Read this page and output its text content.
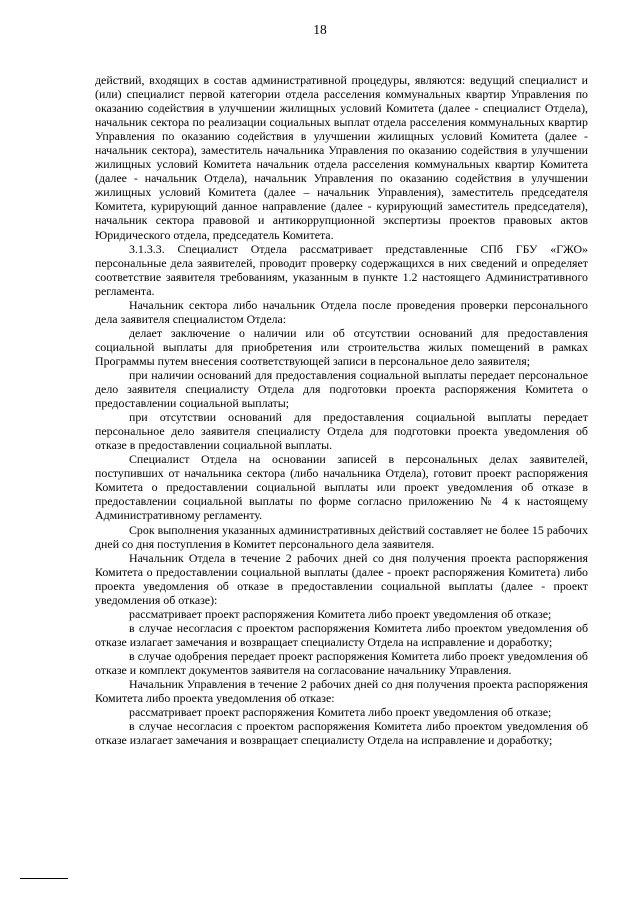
18

действий, входящих в состав административной процедуры, являются: ведущий специалист и (или) специалист первой категории отдела расселения коммунальных квартир Управления по оказанию содействия в улучшении жилищных условий Комитета (далее - специалист Отдела), начальник сектора по реализации социальных выплат отдела расселения коммунальных квартир Управления по оказанию содействия в улучшении жилищных условий Комитета (далее - начальник сектора), заместитель начальника Управления по оказанию содействия в улучшении жилищных условий Комитета начальник отдела расселения коммунальных квартир Комитета (далее - начальник Отдела), начальник Управления по оказанию содействия в улучшении жилищных условий Комитета (далее – начальник Управления), заместитель председателя Комитета, курирующий данное направление (далее - курирующий заместитель председателя), начальник сектора правовой и антикоррупционной экспертизы проектов правовых актов Юридического отдела, председатель Комитета.

3.1.3.3. Специалист Отдела рассматривает представленные СПб ГБУ «ГЖО» персональные дела заявителей, проводит проверку содержащихся в них сведений и определяет соответствие заявителя требованиям, указанным в пункте 1.2 настоящего Административного регламента.

Начальник сектора либо начальник Отдела после проведения проверки персонального дела заявителя специалистом Отдела:

делает заключение о наличии или об отсутствии оснований для предоставления социальной выплаты для приобретения или строительства жилых помещений в рамках Программы путем внесения соответствующей записи в персональное дело заявителя;

при наличии оснований для предоставления социальной выплаты передает персональное дело заявителя специалисту Отдела для подготовки проекта распоряжения Комитета о предоставлении социальной выплаты;

при отсутствии оснований для предоставления социальной выплаты передает персональное дело заявителя специалисту Отдела для подготовки проекта уведомления об отказе в предоставлении социальной выплаты.

Специалист Отдела на основании записей в персональных делах заявителей, поступивших от начальника сектора (либо начальника Отдела), готовит проект распоряжения Комитета о предоставлении социальной выплаты или проект уведомления об отказе в предоставлении социальной выплаты по форме согласно приложению № 4 к настоящему Административному регламенту.

Срок выполнения указанных административных действий составляет не более 15 рабочих дней со дня поступления в Комитет персонального дела заявителя.

Начальник Отдела в течение 2 рабочих дней со дня получения проекта распоряжения Комитета о предоставлении социальной выплаты (далее - проект распоряжения Комитета) либо проекта уведомления об отказе в предоставлении социальной выплаты (далее - проект уведомления об отказе):

рассматривает проект распоряжения Комитета либо проект уведомления об отказе;

в случае несогласия с проектом распоряжения Комитета либо проектом уведомления об отказе излагает замечания и возвращает специалисту Отдела на исправление и доработку;

в случае одобрения передает проект распоряжения Комитета либо проект уведомления об отказе и комплект документов заявителя на согласование начальнику Управления.

Начальник Управления в течение 2 рабочих дней со дня получения проекта распоряжения Комитета либо проекта уведомления об отказе:

рассматривает проект распоряжения Комитета либо проект уведомления об отказе;

в случае несогласия с проектом распоряжения Комитета либо проектом уведомления об отказе излагает замечания и возвращает специалисту Отдела на исправление и доработку;
